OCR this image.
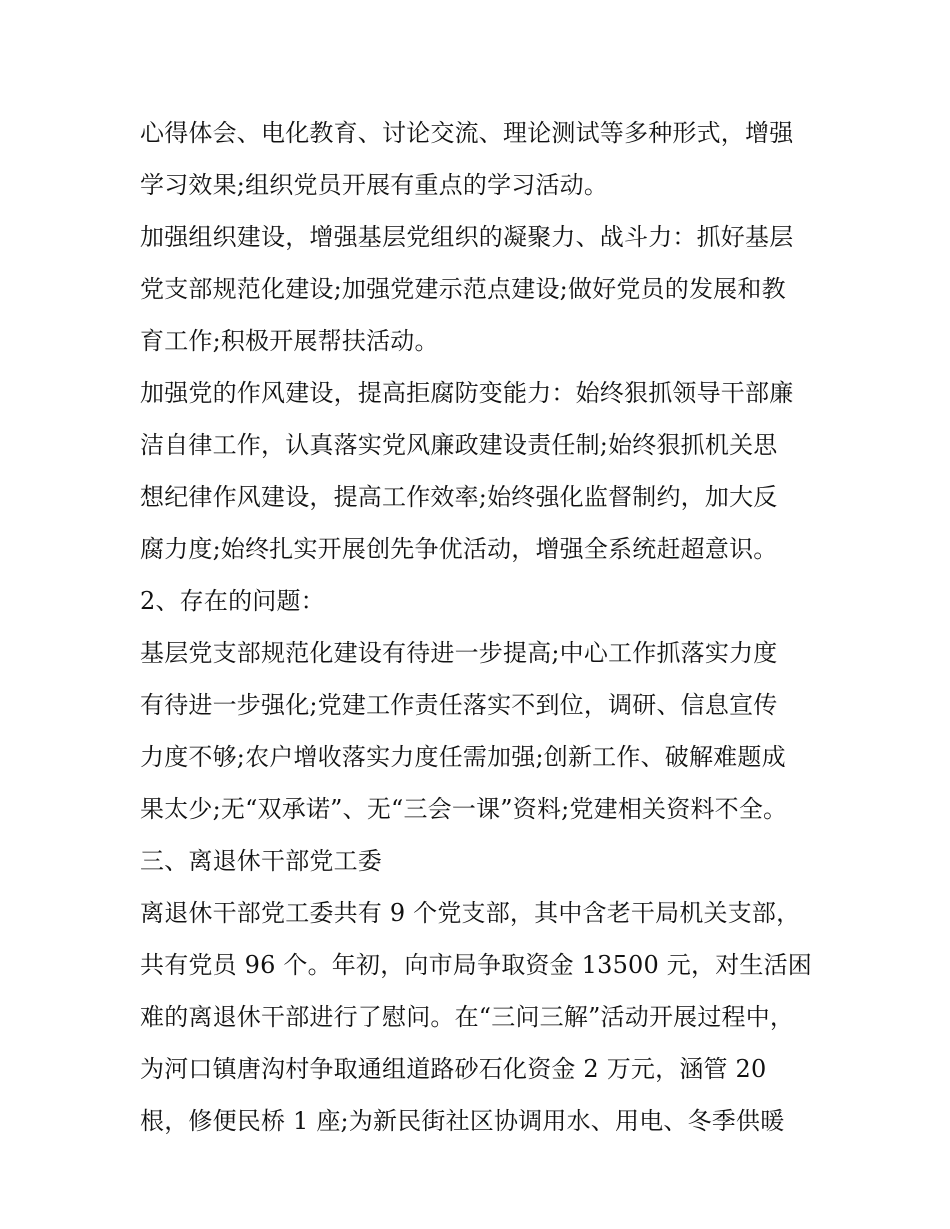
心得体会、电化教育、讨论交流、理论测试等多种形式，增强
学习效果;组织党员开展有重点的学习活动。
加强组织建设，增强基层党组织的凝聚力、战斗力：抓好基层
党支部规范化建设;加强党建示范点建设;做好党员的发展和教
育工作;积极开展帮扶活动。
加强党的作风建设，提高拒腐防变能力：始终狠抓领导干部廉
洁自律工作，认真落实党风廉政建设责任制;始终狠抓机关思
想纪律作风建设，提高工作效率;始终强化监督制约，加大反
腐力度;始终扎实开展创先争优活动，增强全系统赶超意识。
2、存在的问题：
基层党支部规范化建设有待进一步提高;中心工作抓落实力度
有待进一步强化;党建工作责任落实不到位，调研、信息宣传
力度不够;农户增收落实力度任需加强;创新工作、破解难题成
果太少;无“双承诺”、无“三会一课”资料;党建相关资料不全。
三、离退休干部党工委
离退休干部党工委共有 9 个党支部，其中含老干局机关支部，
共有党员 96 个。年初，向市局争取资金 13500 元，对生活困
难的离退休干部进行了慰问。在“三问三解”活动开展过程中，
为河口镇唐沟村争取通组道路砂石化资金 2 万元，涵管 20
根，修便民桥 1 座;为新民街社区协调用水、用电、冬季供暖
